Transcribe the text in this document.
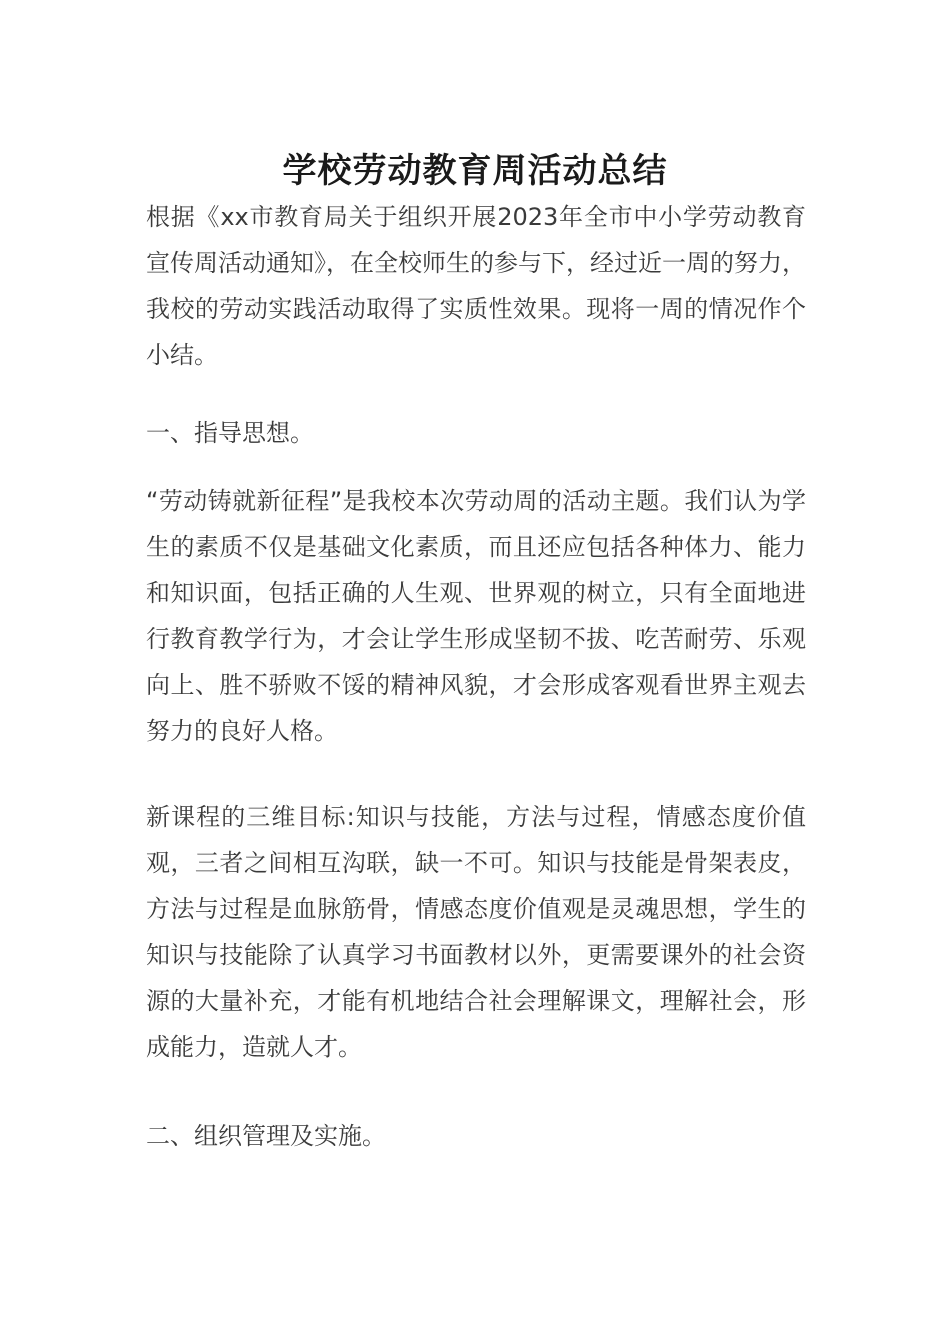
学校劳动教育周活动总结

根据《xx市教育局关于组织开展2023年全市中小学劳动教育宣传周活动通知》，在全校师生的参与下，经过近一周的努力，我校的劳动实践活动取得了实质性效果。现将一周的情况作个小结。

一、指导思想。

“劳动铸就新征程”是我校本次劳动周的活动主题。我们认为学生的素质不仅是基础文化素质，而且还应包括各种体力、能力和知识面，包括正确的人生观、世界观的树立，只有全面地进行教育教学行为，才会让学生形成坚韧不拔、吃苦耐劳、乐观向上、胜不骄败不馁的精神风貌，才会形成客观看世界主观去努力的良好人格。

新课程的三维目标:知识与技能，方法与过程，情感态度价值观，三者之间相互沟联，缺一不可。知识与技能是骨架表皮，方法与过程是血脉筋骨，情感态度价值观是灵魂思想，学生的知识与技能除了认真学习书面教材以外，更需要课外的社会资源的大量补充，才能有机地结合社会理解课文，理解社会，形成能力，造就人才。

二、组织管理及实施。
